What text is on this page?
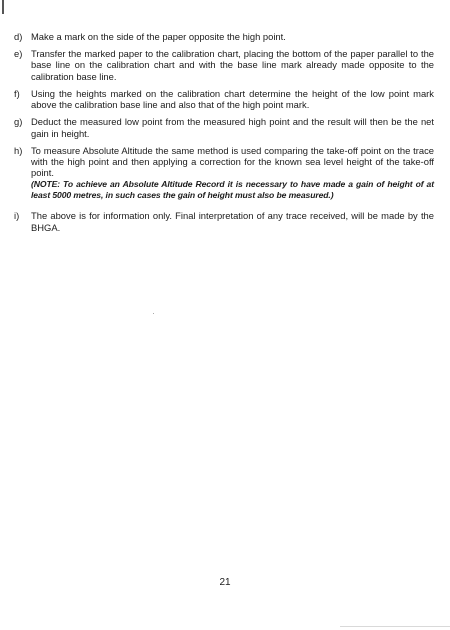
d) Make a mark on the side of the paper opposite the high point.
e) Transfer the marked paper to the calibration chart, placing the bottom of the paper parallel to the base line on the calibration chart and with the base line mark already made opposite to the calibration base line.
f)	Using the heights marked on the calibration chart determine the height of the low point mark above the calibration base line and also that of the high point mark.
g) Deduct the measured low point from the measured high point and the result will then be the net gain in height.
h) To measure Absolute Altitude the same method is used comparing the take-off point on the trace with the high point and then applying a correction for the known sea level height of the take-off point.
(NOTE: To achieve an Absolute Altitude Record it is necessary to have made a gain of height of at least 5000 metres, in such cases the gain of height must also be measured.)
i)	The above is for information only. Final interpretation of any trace received, will be made by the BHGA.
21
